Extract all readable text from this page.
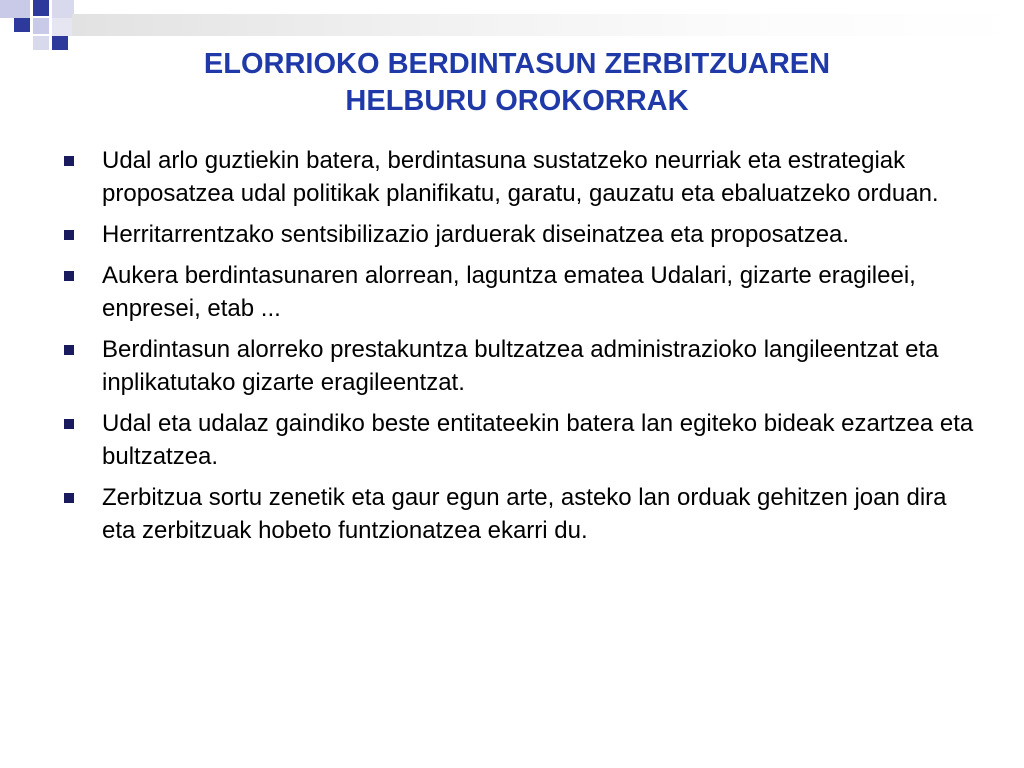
ELORRIOKO BERDINTASUN ZERBITZUAREN
HELBURU OROKORRAK
Udal arlo guztiekin batera, berdintasuna sustatzeko neurriak eta estrategiak proposatzea udal politikak planifikatu, garatu, gauzatu eta ebaluatzeko orduan.
Herritarrentzako sentsibilizazio jarduerak diseinatzea eta proposatzea.
Aukera berdintasunaren alorrean, laguntza ematea Udalari, gizarte eragileei, enpresei, etab ...
Berdintasun alorreko prestakuntza bultzatzea administrazioko langileentzat eta inplikatutako gizarte eragileentzat.
Udal eta udalaz gaindiko beste entitateekin batera lan egiteko bideak ezartzea eta bultzatzea.
Zerbitzua sortu zenetik eta gaur egun arte, asteko lan orduak gehitzen joan dira eta zerbitzuak hobeto funtzionatzea ekarri du.
